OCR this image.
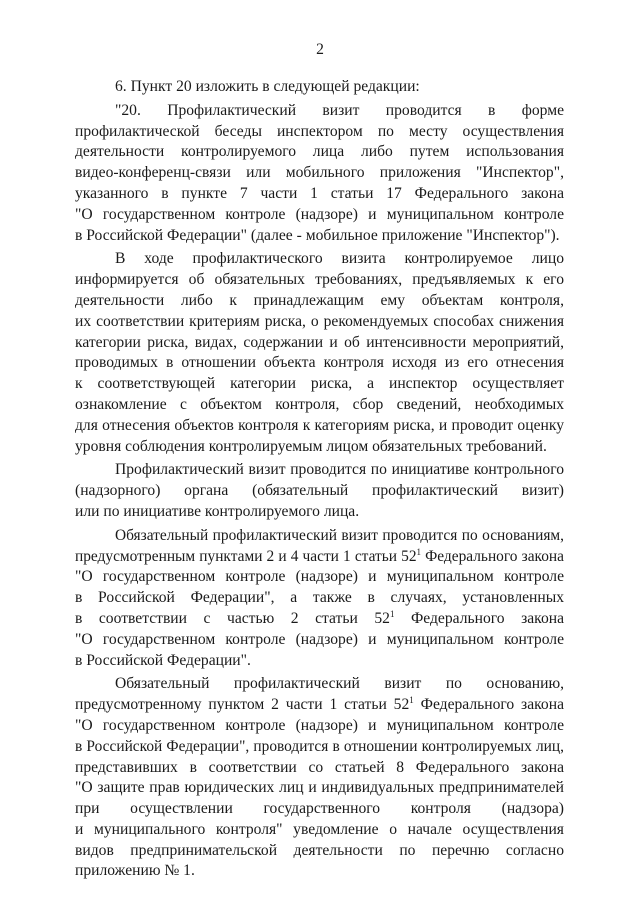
2
6. Пункт 20 изложить в следующей редакции:
"20. Профилактический визит проводится в форме
профилактической беседы инспектором по месту осуществления
деятельности контролируемого лица либо путем использования
видео-конференц-связи или мобильного приложения "Инспектор",
указанного в пункте 7 части 1 статьи 17 Федерального закона
"О государственном контроле (надзоре) и муниципальном контроле
в Российской Федерации" (далее - мобильное приложение "Инспектор").
В ходе профилактического визита контролируемое лицо
информируется об обязательных требованиях, предъявляемых к его
деятельности либо к принадлежащим ему объектам контроля,
их соответствии критериям риска, о рекомендуемых способах снижения
категории риска, видах, содержании и об интенсивности мероприятий,
проводимых в отношении объекта контроля исходя из его отнесения
к соответствующей категории риска, а инспектор осуществляет
ознакомление с объектом контроля, сбор сведений, необходимых
для отнесения объектов контроля к категориям риска, и проводит оценку
уровня соблюдения контролируемым лицом обязательных требований.
Профилактический визит проводится по инициативе контрольного
(надзорного) органа (обязательный профилактический визит)
или по инициативе контролируемого лица.
Обязательный профилактический визит проводится по основаниям,
предусмотренным пунктами 2 и 4 части 1 статьи $52^1$ Федерального закона
"О государственном контроле (надзоре) и муниципальном контроле
в Российской Федерации", а также в случаях, установленных
в соответствии с частью 2 статьи $52^1$ Федерального закона
"О государственном контроле (надзоре) и муниципальном контроле
в Российской Федерации".
Обязательный профилактический визит по основанию,
предусмотренному пунктом 2 части 1 статьи $52^1$ Федерального закона
"О государственном контроле (надзоре) и муниципальном контроле
в Российской Федерации", проводится в отношении контролируемых лиц,
представивших в соответствии со статьей 8 Федерального закона
"О защите прав юридических лиц и индивидуальных предпринимателей
при осуществлении государственного контроля (надзора)
и муниципального контроля" уведомление о начале осуществления
видов предпринимательской деятельности по перечню согласно
приложению № 1.
